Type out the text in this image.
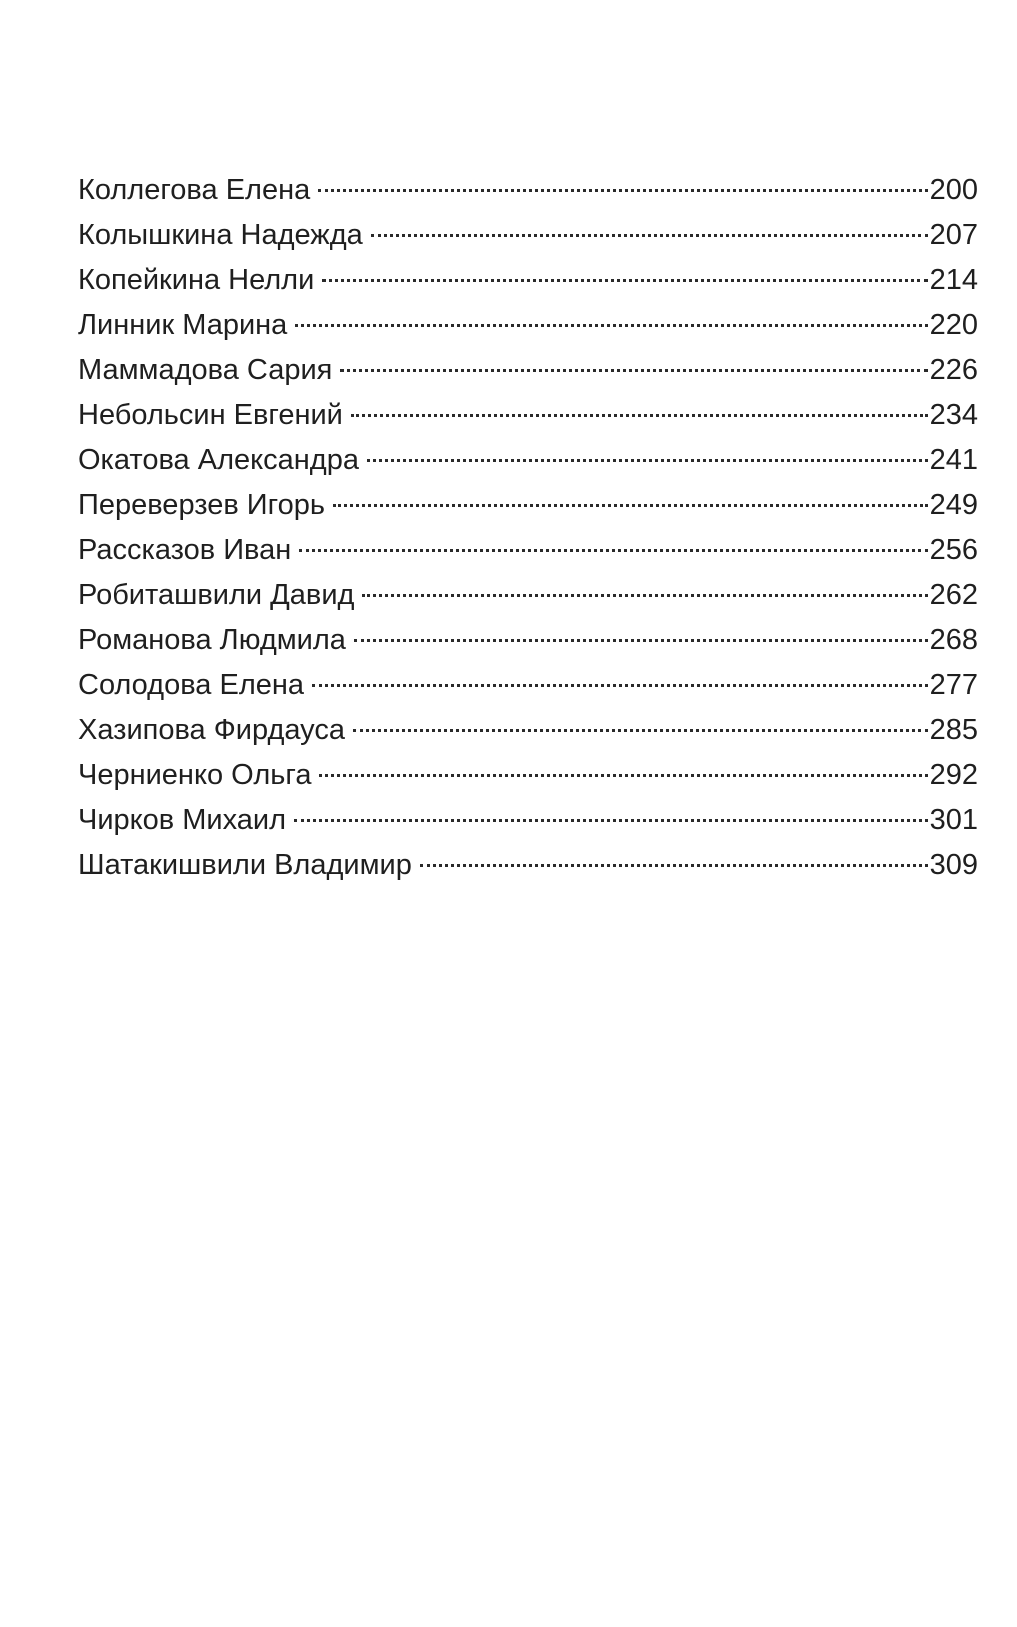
Коллегова Елена	200
Колышкина Надежда	207
Копейкина Нелли	214
Линник Марина	220
Маммадова Сария	226
Небольсин Евгений	234
Окатова Александра	241
Переверзев Игорь	249
Рассказов Иван	256
Робиташвили Давид	262
Романова Людмила	268
Солодова Елена	277
Хазипова Фирдауса	285
Черниенко Ольга	292
Чирков Михаил	301
Шатакишвили Владимир	309
